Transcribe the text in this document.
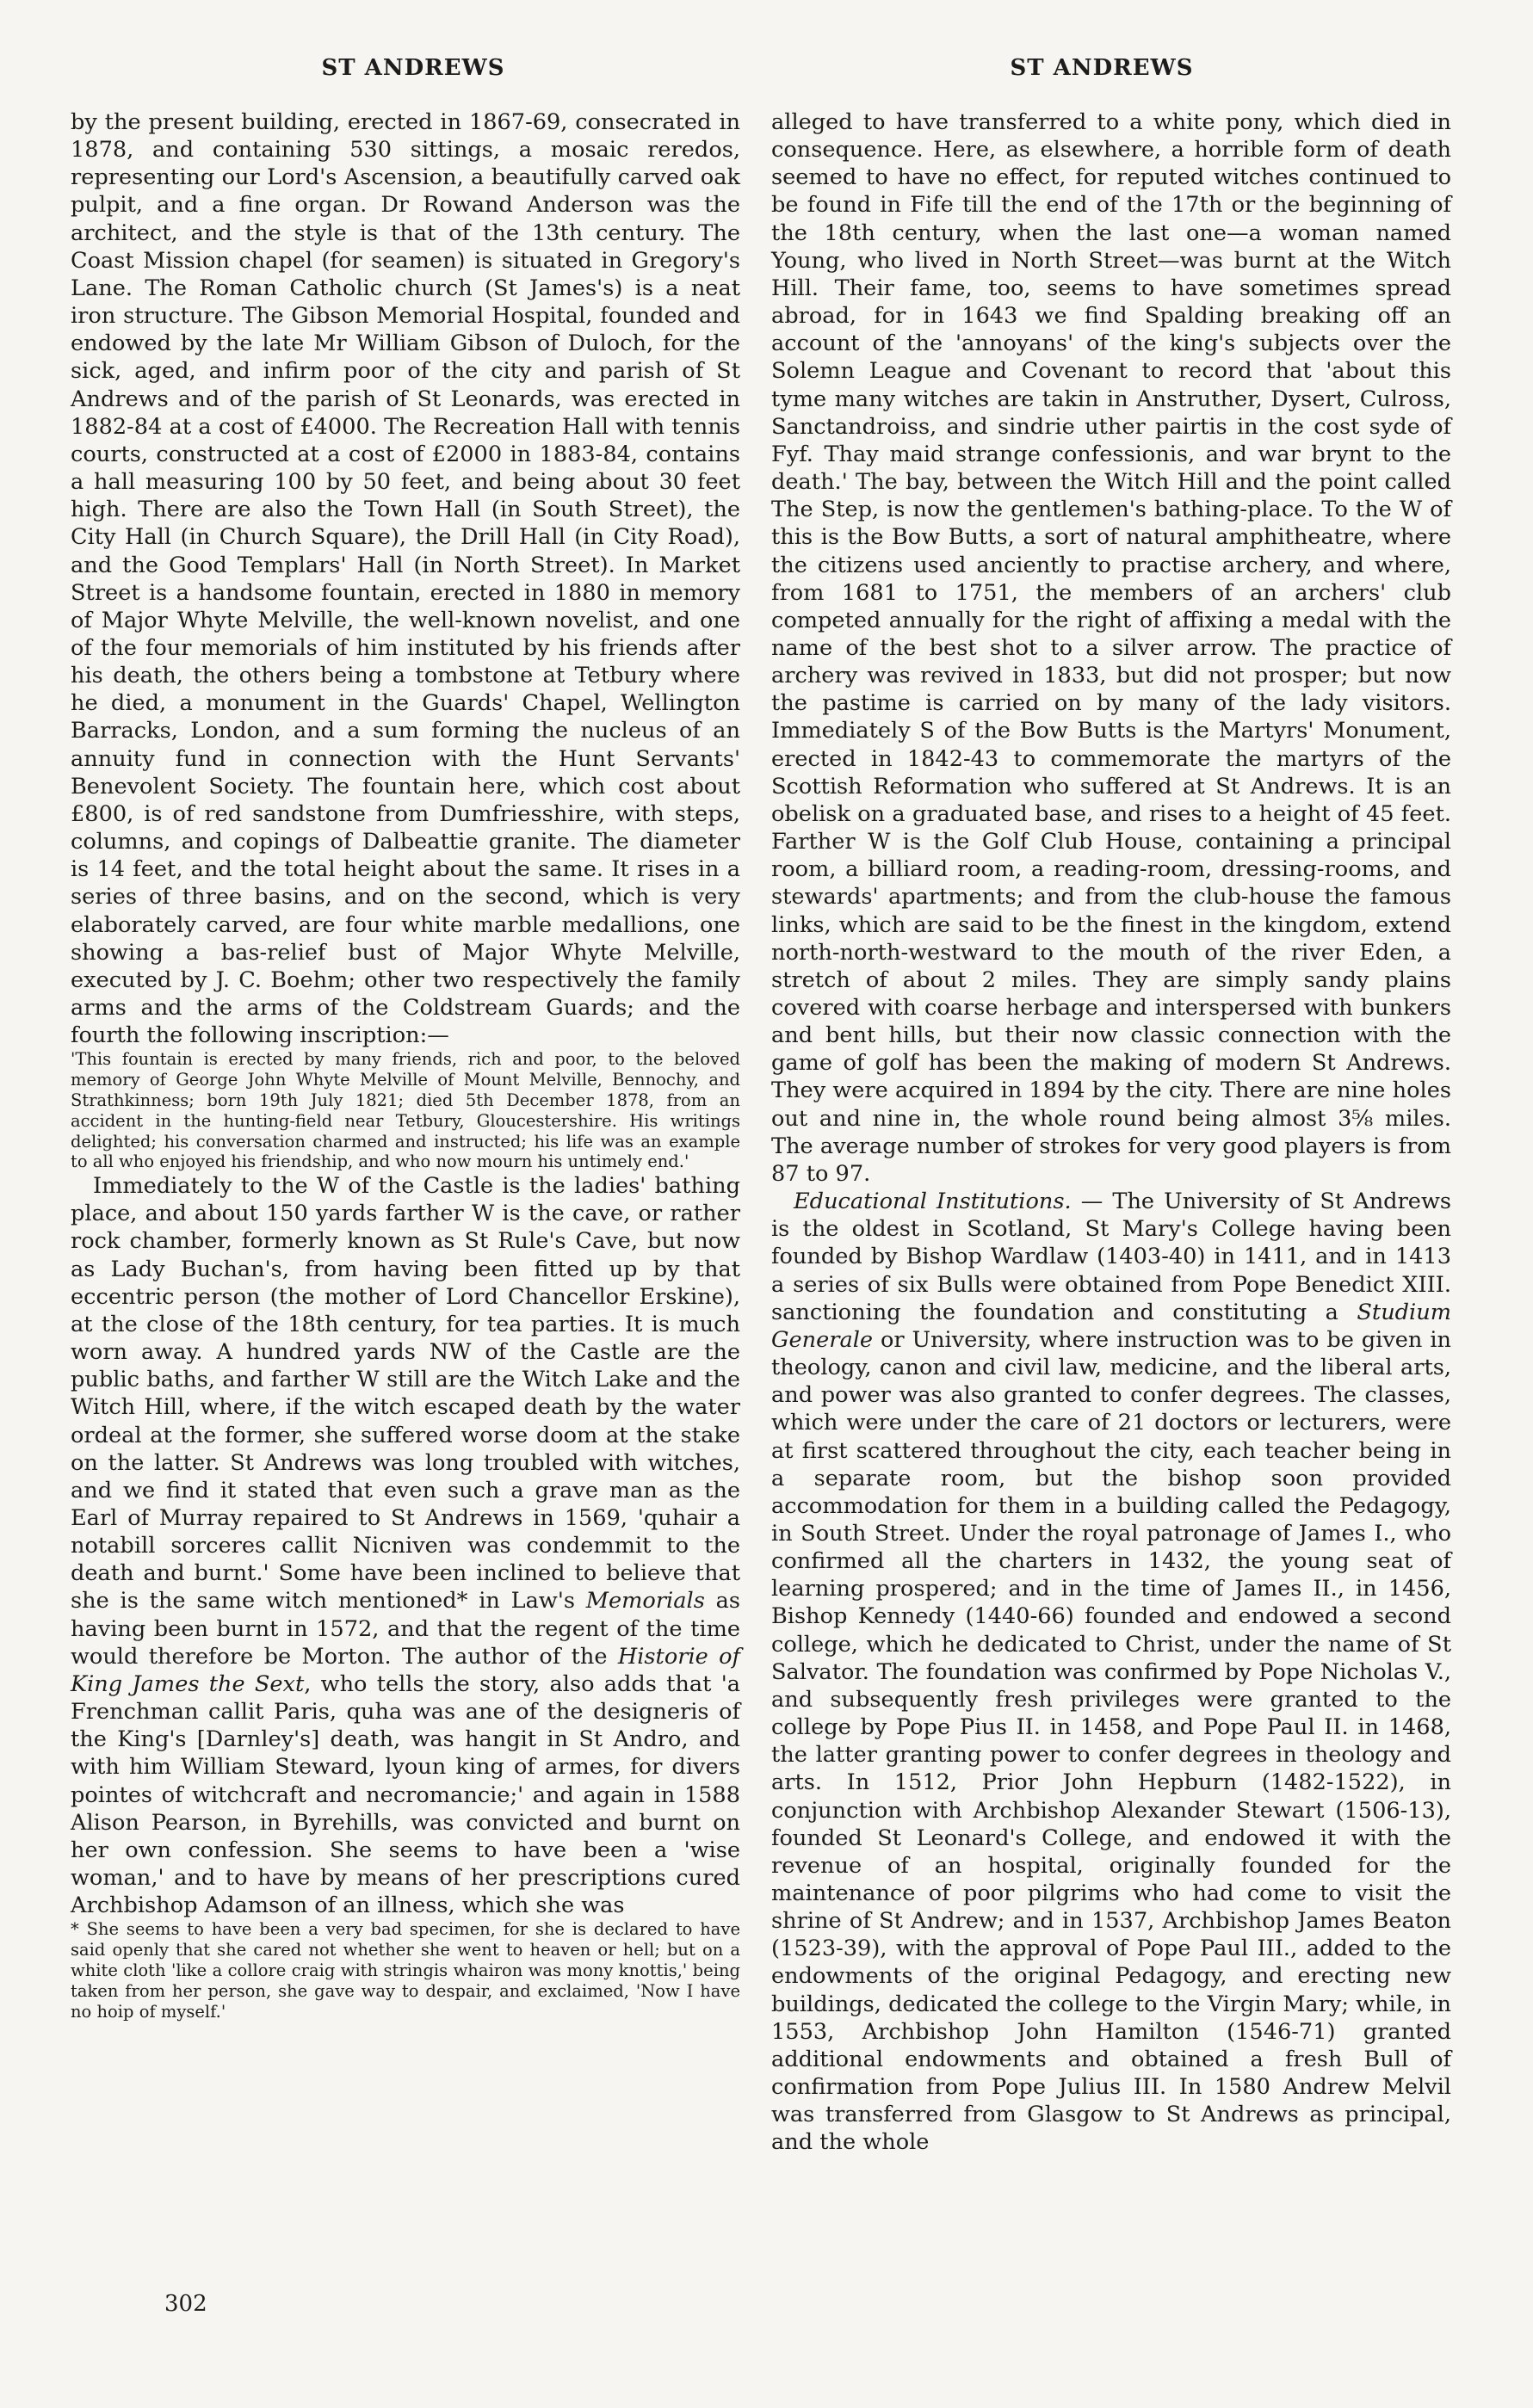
ST ANDREWS	ST ANDREWS

by the present building, erected in 1867-69, consecrated in 1878, and containing 530 sittings, a mosaic reredos, representing our Lord's Ascension, a beautifully carved oak pulpit, and a fine organ. Dr Rowand Anderson was the architect, and the style is that of the 13th century. The Coast Mission chapel (for seamen) is situated in Gregory's Lane. The Roman Catholic church (St James's) is a neat iron structure. The Gibson Memorial Hospital, founded and endowed by the late Mr William Gibson of Duloch, for the sick, aged, and infirm poor of the city and parish of St Andrews and of the parish of St Leonards, was erected in 1882-84 at a cost of £4000. The Recreation Hall with tennis courts, constructed at a cost of £2000 in 1883-84, contains a hall measuring 100 by 50 feet, and being about 30 feet high. There are also the Town Hall (in South Street), the City Hall (in Church Square), the Drill Hall (in City Road), and the Good Templars' Hall (in North Street). In Market Street is a handsome fountain, erected in 1880 in memory of Major Whyte Melville, the well-known novelist, and one of the four memorials of him instituted by his friends after his death, the others being a tombstone at Tetbury where he died, a monument in the Guards' Chapel, Wellington Barracks, London, and a sum forming the nucleus of an annuity fund in connection with the Hunt Servants' Benevolent Society. The fountain here, which cost about £800, is of red sandstone from Dumfriesshire, with steps, columns, and copings of Dalbeattie granite. The diameter is 14 feet, and the total height about the same. It rises in a series of three basins, and on the second, which is very elaborately carved, are four white marble medallions, one showing a bas-relief bust of Major Whyte Melville, executed by J. C. Boehm; other two respectively the family arms and the arms of the Coldstream Guards; and the fourth the following inscription:—

'This fountain is erected by many friends, rich and poor, to the beloved memory of George John Whyte Melville of Mount Melville, Bennochy, and Strathkinness; born 19th July 1821; died 5th December 1878, from an accident in the hunting-field near Tetbury, Gloucestershire. His writings delighted; his conversation charmed and instructed; his life was an example to all who enjoyed his friendship, and who now mourn his untimely end.'

Immediately to the W of the Castle is the ladies' bathing place, and about 150 yards farther W is the cave, or rather rock chamber, formerly known as St Rule's Cave, but now as Lady Buchan's, from having been fitted up by that eccentric person (the mother of Lord Chancellor Erskine), at the close of the 18th century, for tea parties. It is much worn away. A hundred yards NW of the Castle are the public baths, and farther W still are the Witch Lake and the Witch Hill, where, if the witch escaped death by the water ordeal at the former, she suffered worse doom at the stake on the latter. St Andrews was long troubled with witches, and we find it stated that even such a grave man as the Earl of Murray repaired to St Andrews in 1569, 'quhair a notabill sorceres callit Nicniven was condemmit to the death and burnt.' Some have been inclined to believe that she is the same witch mentioned* in Law's Memorials as having been burnt in 1572, and that the regent of the time would therefore be Morton. The author of the Historie of King James the Sext, who tells the story, also adds that 'a Frenchman callit Paris, quha was ane of the designeris of the King's [Darnley's] death, was hangit in St Andro, and with him William Steward, lyoun king of armes, for divers pointes of witchcraft and necromancie;' and again in 1588 Alison Pearson, in Byrehills, was convicted and burnt on her own confession. She seems to have been a 'wise woman,' and to have by means of her prescriptions cured Archbishop Adamson of an illness, which she was

* She seems to have been a very bad specimen, for she is declared to have said openly that she cared not whether she went to heaven or hell; but on a white cloth 'like a collore craig with stringis whairon was mony knottis,' being taken from her person, she gave way to despair, and exclaimed, 'Now I have no hoip of myself.'

302

alleged to have transferred to a white pony, which died in consequence. Here, as elsewhere, a horrible form of death seemed to have no effect, for reputed witches continued to be found in Fife till the end of the 17th or the beginning of the 18th century, when the last one—a woman named Young, who lived in North Street—was burnt at the Witch Hill. Their fame, too, seems to have sometimes spread abroad, for in 1643 we find Spalding breaking off an account of the 'annoyans' of the king's subjects over the Solemn League and Covenant to record that 'about this tyme many witches are takin in Anstruther, Dysert, Culross, Sanctandroiss, and sindrie uther pairtis in the cost syde of Fyf. Thay maid strange confessionis, and war brynt to the death.' The bay, between the Witch Hill and the point called The Step, is now the gentlemen's bathing-place. To the W of this is the Bow Butts, a sort of natural amphitheatre, where the citizens used anciently to practise archery, and where, from 1681 to 1751, the members of an archers' club competed annually for the right of affixing a medal with the name of the best shot to a silver arrow. The practice of archery was revived in 1833, but did not prosper; but now the pastime is carried on by many of the lady visitors. Immediately S of the Bow Butts is the Martyrs' Monument, erected in 1842-43 to commemorate the martyrs of the Scottish Reformation who suffered at St Andrews. It is an obelisk on a graduated base, and rises to a height of 45 feet. Farther W is the Golf Club House, containing a principal room, a billiard room, a reading-room, dressing-rooms, and stewards' apartments; and from the club-house the famous links, which are said to be the finest in the kingdom, extend north-north-westward to the mouth of the river Eden, a stretch of about 2 miles. They are simply sandy plains covered with coarse herbage and interspersed with bunkers and bent hills, but their now classic connection with the game of golf has been the making of modern St Andrews. They were acquired in 1894 by the city. There are nine holes out and nine in, the whole round being almost 3⅝ miles. The average number of strokes for very good players is from 87 to 97.

Educational Institutions. — The University of St Andrews is the oldest in Scotland, St Mary's College having been founded by Bishop Wardlaw (1403-40) in 1411, and in 1413 a series of six Bulls were obtained from Pope Benedict XIII. sanctioning the foundation and constituting a Studium Generale or University, where instruction was to be given in theology, canon and civil law, medicine, and the liberal arts, and power was also granted to confer degrees. The classes, which were under the care of 21 doctors or lecturers, were at first scattered throughout the city, each teacher being in a separate room, but the bishop soon provided accommodation for them in a building called the Pedagogy, in South Street. Under the royal patronage of James I., who confirmed all the charters in 1432, the young seat of learning prospered; and in the time of James II., in 1456, Bishop Kennedy (1440-66) founded and endowed a second college, which he dedicated to Christ, under the name of St Salvator. The foundation was confirmed by Pope Nicholas V., and subsequently fresh privileges were granted to the college by Pope Pius II. in 1458, and Pope Paul II. in 1468, the latter granting power to confer degrees in theology and arts. In 1512, Prior John Hepburn (1482-1522), in conjunction with Archbishop Alexander Stewart (1506-13), founded St Leonard's College, and endowed it with the revenue of an hospital, originally founded for the maintenance of poor pilgrims who had come to visit the shrine of St Andrew; and in 1537, Archbishop James Beaton (1523-39), with the approval of Pope Paul III., added to the endowments of the original Pedagogy, and erecting new buildings, dedicated the college to the Virgin Mary; while, in 1553, Archbishop John Hamilton (1546-71) granted additional endowments and obtained a fresh Bull of confirmation from Pope Julius III. In 1580 Andrew Melvil was transferred from Glasgow to St Andrews as principal, and the whole
